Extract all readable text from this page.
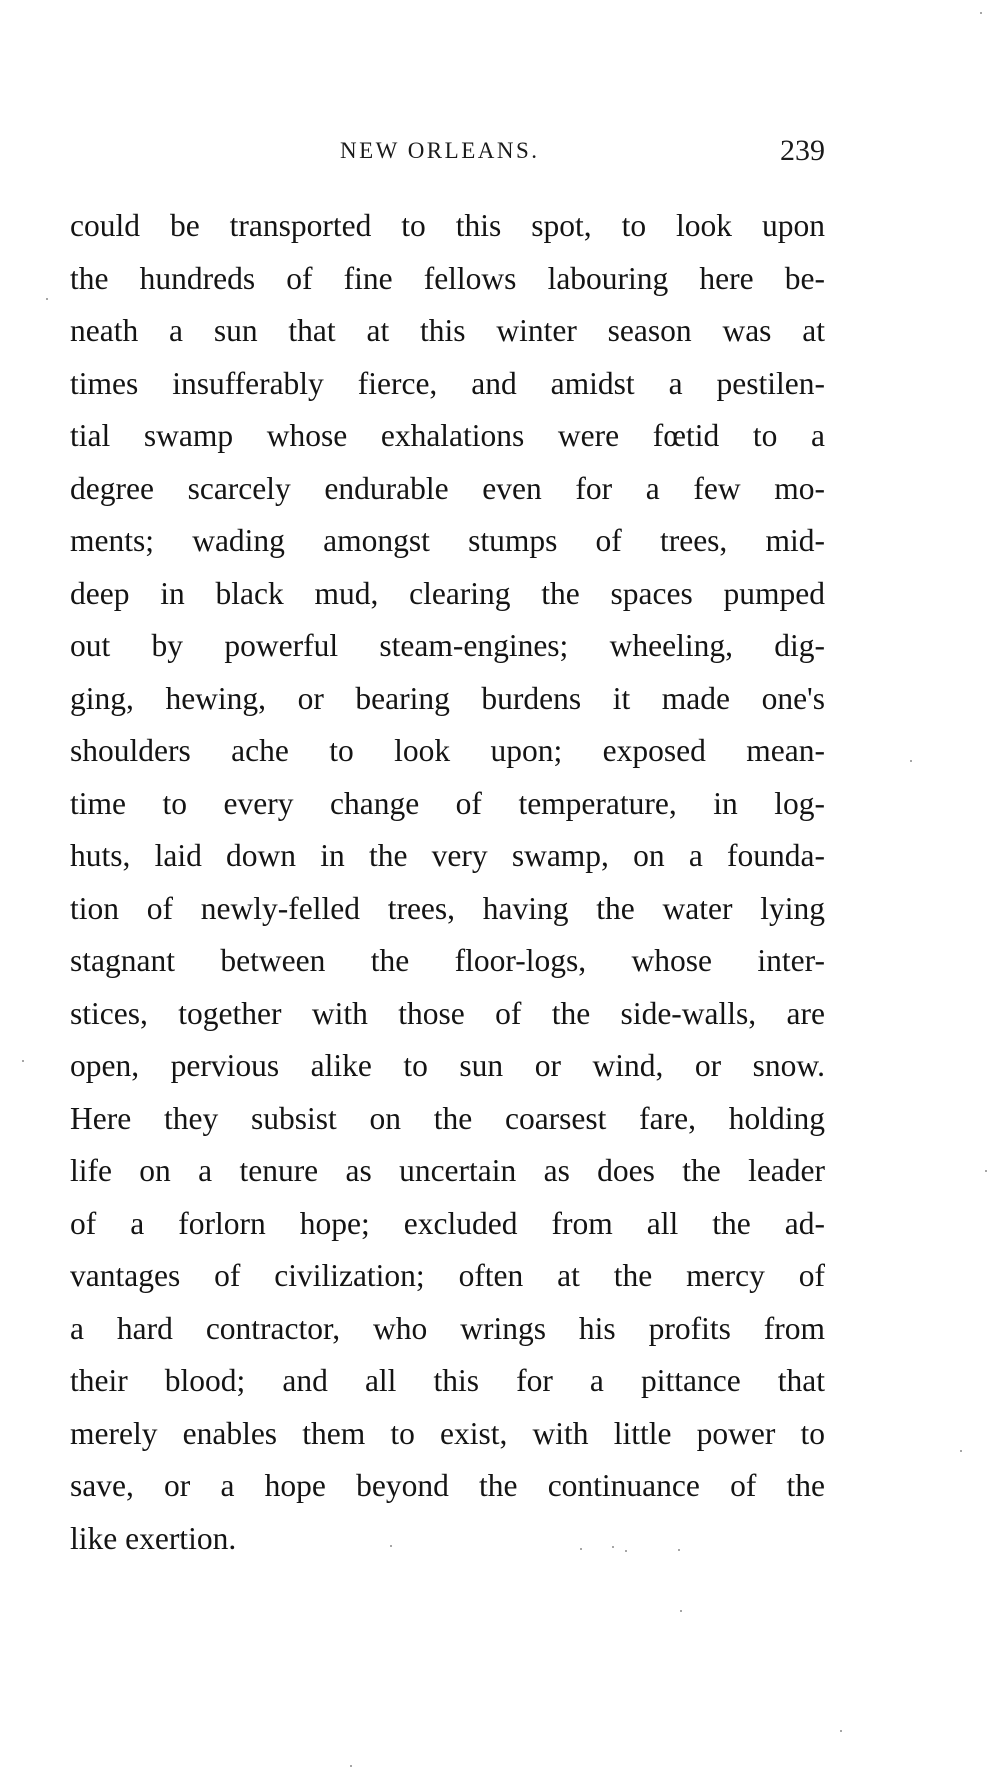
NEW ORLEANS.	239
could be transported to this spot, to look upon
the hundreds of fine fellows labouring here be-
neath a sun that at this winter season was at
times insufferably fierce, and amidst a pestilen-
tial swamp whose exhalations were fœtid to a
degree scarcely endurable even for a few mo-
ments; wading amongst stumps of trees, mid-
deep in black mud, clearing the spaces pumped
out by powerful steam-engines; wheeling, dig-
ging, hewing, or bearing burdens it made one's
shoulders ache to look upon; exposed mean-
time to every change of temperature, in log-
huts, laid down in the very swamp, on a founda-
tion of newly-felled trees, having the water lying
stagnant between the floor-logs, whose inter-
stices, together with those of the side-walls, are
open, pervious alike to sun or wind, or snow.
Here they subsist on the coarsest fare, holding
life on a tenure as uncertain as does the leader
of a forlorn hope; excluded from all the ad-
vantages of civilization; often at the mercy of
a hard contractor, who wrings his profits from
their blood; and all this for a pittance that
merely enables them to exist, with little power to
save, or a hope beyond the continuance of the
like exertion.
